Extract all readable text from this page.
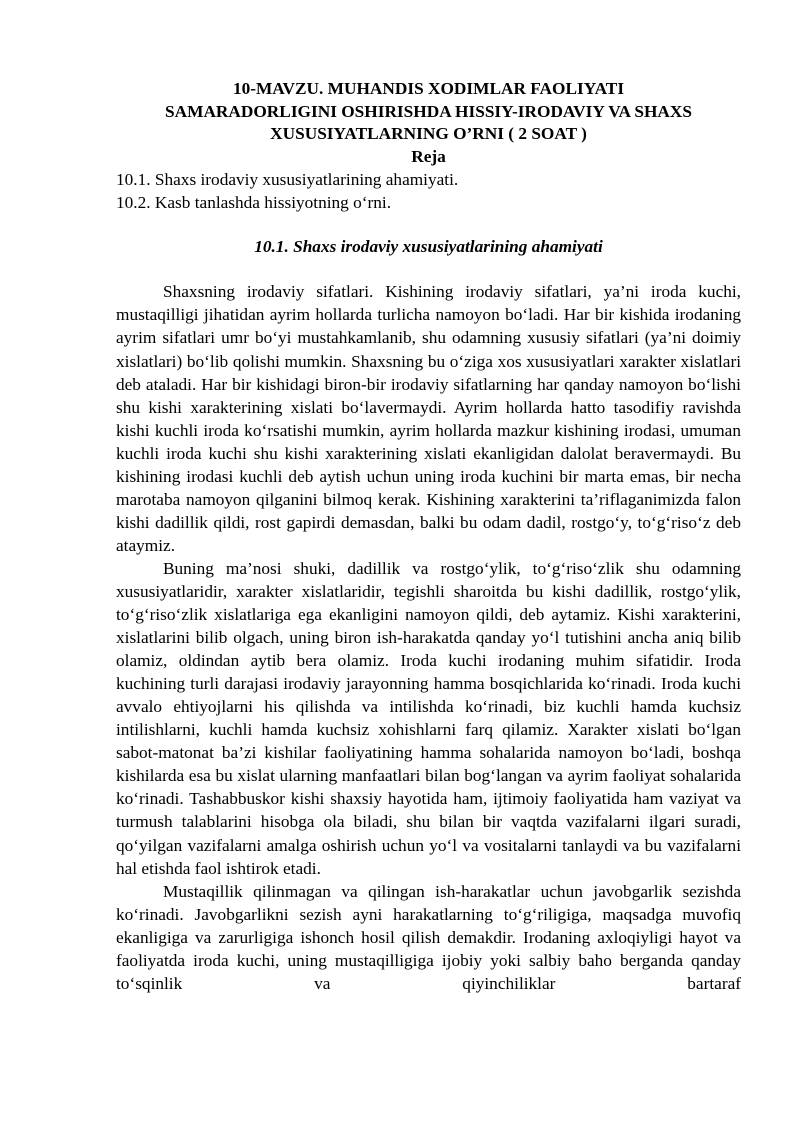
10-MAVZU. MUHANDIS XODIMLAR FAOLIYATI
SAMARADORLIGINI OSHIRISHDA HISSIY-IRODAVIY VA SHAXS
XUSUSIYATLARNING O’RNI ( 2 SOAT )
Reja
10.1. Shaxs irodaviy xususiyatlarining ahamiyati.
10.2. Kasb tanlashda hissiyotning o‘rni.
10.1. Shaxs irodaviy xususiyatlarining ahamiyati

Shaxsning irodaviy sifatlari. Kishining irodaviy sifatlari, ya’ni iroda kuchi, mustaqilligi jihatidan ayrim hollarda turlicha namoyon bo‘ladi. Har bir kishida irodaning ayrim sifatlari umr bo‘yi mustahkamlanib, shu odamning xususiy sifatlari (ya’ni doimiy xislatlari) bo‘lib qolishi mumkin. Shaxsning bu o‘ziga xos xususiyatlari xarakter xislatlari deb ataladi. Har bir kishidagi biron-bir irodaviy sifatlarning har qanday namoyon bo‘lishi shu kishi xarakterining xislati bo‘lavermaydi. Ayrim hollarda hatto tasodifiy ravishda kishi kuchli iroda ko‘rsatishi mumkin, ayrim hollarda mazkur kishining irodasi, umuman kuchli iroda kuchi shu kishi xarakterining xislati ekanligidan dalolat beravermaydi. Bu kishining irodasi kuchli deb aytish uchun uning iroda kuchini bir marta emas, bir necha marotaba namoyon qilganini bilmoq kerak. Kishining xarakterini ta’riflaganimizda falon kishi dadillik qildi, rost gapirdi demasdan, balki bu odam dadil, rostgo‘y, to‘g‘riso‘z deb ataymiz.

Buning ma’nosi shuki, dadillik va rostgo‘ylik, to‘g‘riso‘zlik shu odamning xususiyatlaridir, xarakter xislatlaridir, tegishli sharoitda bu kishi dadillik, rostgo‘ylik, to‘g‘riso‘zlik xislatlariga ega ekanligini namoyon qildi, deb aytamiz. Kishi xarakterini, xislatlarini bilib olgach, uning biron ish-harakatda qanday yo‘l tutishini ancha aniq bilib olamiz, oldindan aytib bera olamiz. Iroda kuchi irodaning muhim sifatidir. Iroda kuchining turli darajasi irodaviy jarayonning hamma bosqichlarida ko‘rinadi. Iroda kuchi avvalo ehtiyojlarni his qilishda va intilishda ko‘rinadi, biz kuchli hamda kuchsiz intilishlarni, kuchli hamda kuchsiz xohishlarni farq qilamiz. Xarakter xislati bo‘lgan sabot-matonat ba’zi kishilar faoliyatining hamma sohalarida namoyon bo‘ladi, boshqa kishilarda esa bu xislat ularning manfaatlari bilan bog‘langan va ayrim faoliyat sohalarida ko‘rinadi. Tashabbuskor kishi shaxsiy hayotida ham, ijtimoiy faoliyatida ham vaziyat va turmush talablarini hisobga ola biladi, shu bilan bir vaqtda vazifalarni ilgari suradi, qo‘yilgan vazifalarni amalga oshirish uchun yo‘l va vositalarni tanlaydi va bu vazifalarni hal etishda faol ishtirok etadi.

Mustaqillik qilinmagan va qilingan ish-harakatlar uchun javobgarlik sezishda ko‘rinadi. Javobgarlikni sezish ayni harakatlarning to‘g‘riligiga, maqsadga muvofiq ekanligiga va zarurligiga ishonch hosil qilish demakdir. Irodaning axloqiyligi hayot va faoliyatda iroda kuchi, uning mustaqilligiga ijobiy yoki salbiy baho berganda qanday to‘sqinlik va qiyinchiliklar bartaraf
